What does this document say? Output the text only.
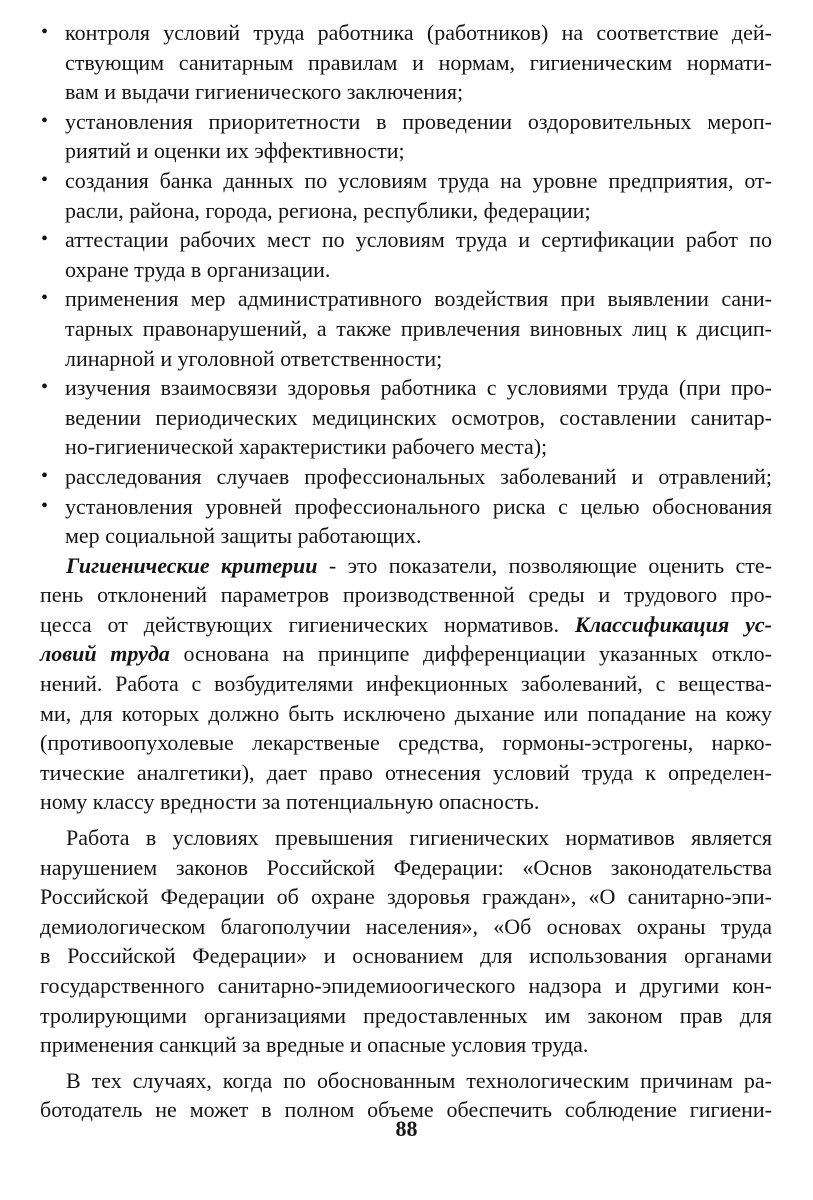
• контроля условий труда работника (работников) на соответствие дей-
ствующим санитарным правилам и нормам, гигиеническим нормати-
вам и выдачи гигиенического заключения;
• установления приоритетности в проведении оздоровительных мероп-
риятий и оценки их эффективности;
• создания банка данных по условиям труда на уровне предприятия, от-
расли, района, города, региона, республики, федерации;
• аттестации рабочих мест по условиям труда и сертификации работ по
охране труда в организации.
• применения мер административного воздействия при выявлении сани-
тарных правонарушений, а также привлечения виновных лиц к дисцип-
линарной и уголовной ответственности;
• изучения взаимосвязи здоровья работника с условиями труда (при про-
ведении периодических медицинских осмотров, составлении санитар-
но-гигиенической характеристики рабочего места);
• расследования случаев профессиональных заболеваний и отравлений;
• установления уровней профессионального риска с целью обоснования
мер социальной защиты работающих.
Гигиенические критерии - это показатели, позволяющие оценить сте-
пень отклонений параметров производственной среды и трудового про-
цесса от действующих гигиенических нормативов. Классификация ус-
ловий труда основана на принципе дифференциации указанных откло-
нений. Работа с возбудителями инфекционных заболеваний, с вещества-
ми, для которых должно быть исключено дыхание или попадание на кожу
(противоопухолевые лекарственые средства, гормоны-эстрогены, нарко-
тические аналгетики), дает право отнесения условий труда к определен-
ному классу вредности за потенциальную опасность.
Работа в условиях превышения гигиенических нормативов является
нарушением законов Российской Федерации: «Основ законодательства
Российской Федерации об охране здоровья граждан», «О санитарно-эпи-
демиологическом благополучии населения», «Об основах охраны труда
в Российской Федерации» и основанием для использования органами
государственного санитарно-эпидемиоогического надзора и другими кон-
тролирующими организациями предоставленных им законом прав для
применения санкций за вредные и опасные условия труда.
В тех случаях, когда по обоснованным технологическим причинам ра-
ботодатель не может в полном объеме обеспечить соблюдение гигиени-
88
